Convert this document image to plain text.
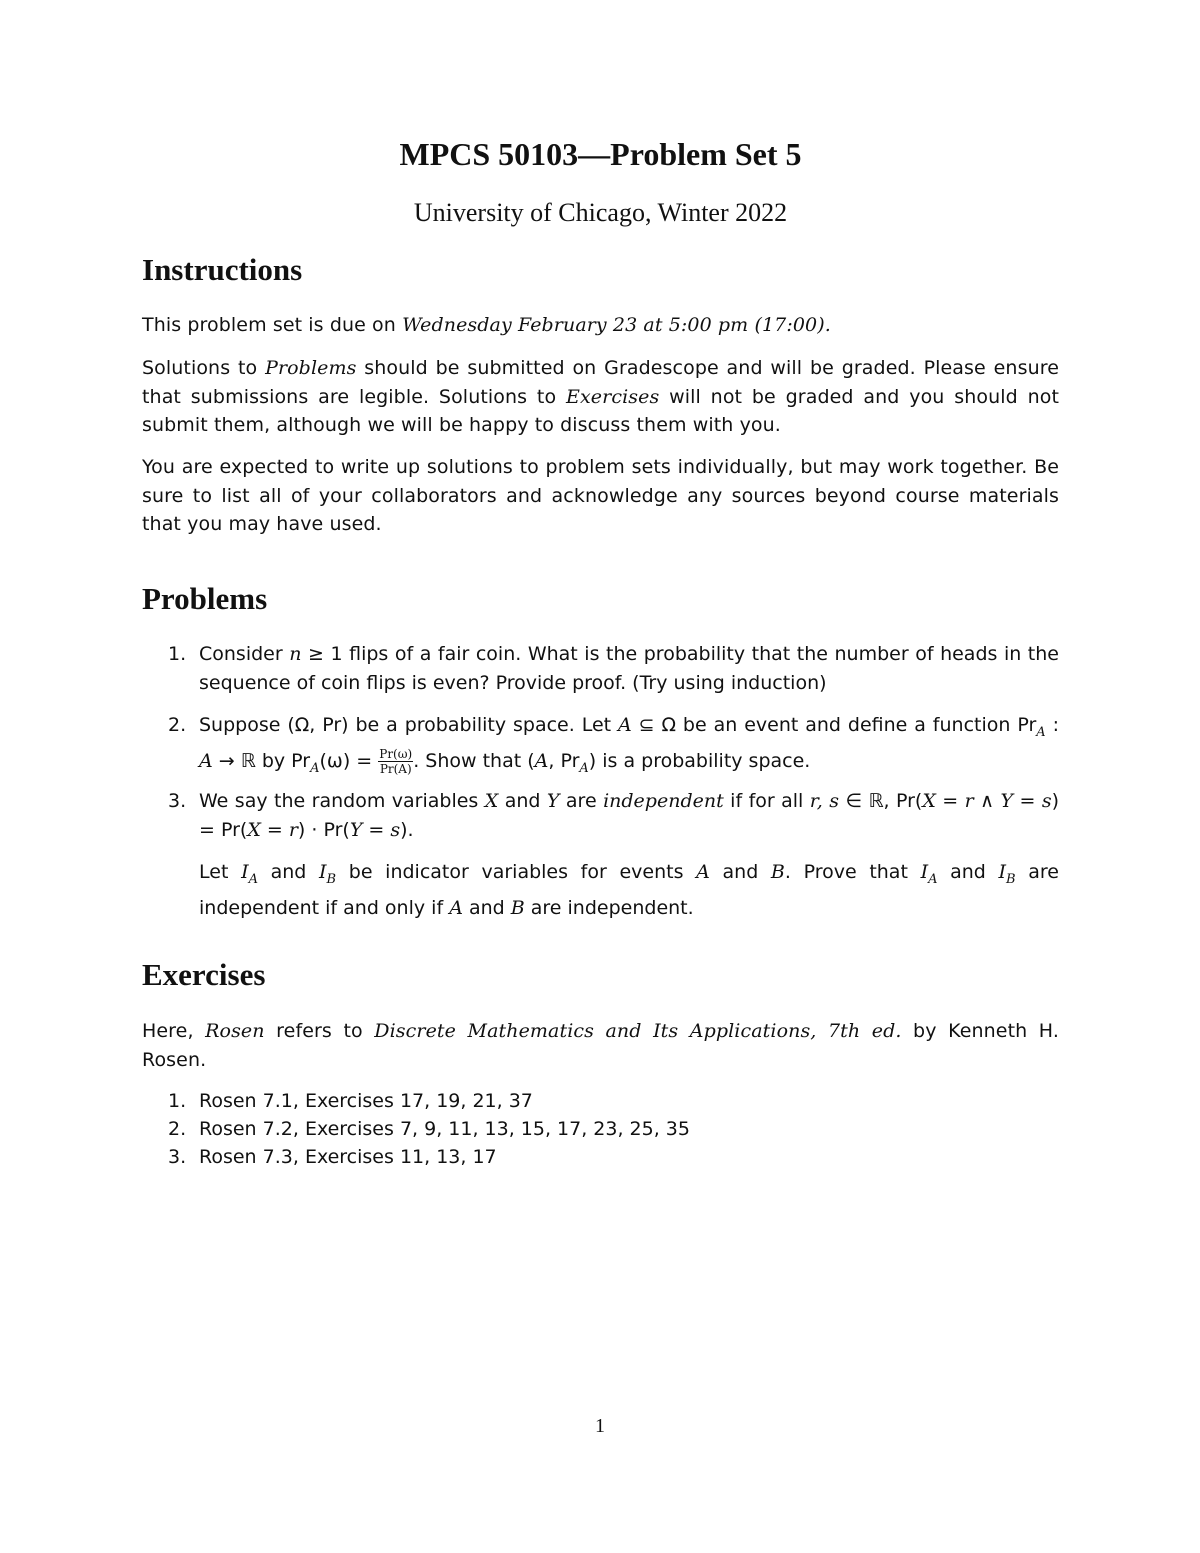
MPCS 50103—Problem Set 5
University of Chicago, Winter 2022
Instructions

This problem set is due on Wednesday February 23 at 5:00 pm (17:00).

Solutions to Problems should be submitted on Gradescope and will be graded. Please ensure that submissions are legible. Solutions to Exercises will not be graded and you should not submit them, although we will be happy to discuss them with you.

You are expected to write up solutions to problem sets individually, but may work together. Be sure to list all of your collaborators and acknowledge any sources beyond course materials that you may have used.

Problems
1. Consider n ≥ 1 flips of a fair coin. What is the probability that the number of heads in the sequence of coin flips is even? Provide proof. (Try using induction)
2. Suppose (Ω, Pr) be a probability space. Let A ⊆ Ω be an event and define a function $Pr_A$ : A → ℝ by $Pr_A(\omega) = \frac{Pr(\omega)}{Pr(A)}$ . Show that (A, $Pr_A$) is a probability space.
3. We say the random variables X and Y are independent if for all r, s ∈ ℝ, Pr(X = r ∧ Y = s) = Pr(X = r) · Pr(Y = s).
Let $I_A$ and $I_B$ be indicator variables for events A and B. Prove that $I_A$ and $I_B$ are independent if and only if A and B are independent.
Exercises

Here, Rosen refers to Discrete Mathematics and Its Applications, 7th ed. by Kenneth H. Rosen.

1. Rosen 7.1, Exercises 17, 19, 21, 37
2. Rosen 7.2, Exercises 7, 9, 11, 13, 15, 17, 23, 25, 35
3. Rosen 7.3, Exercises 11, 13, 17
1
